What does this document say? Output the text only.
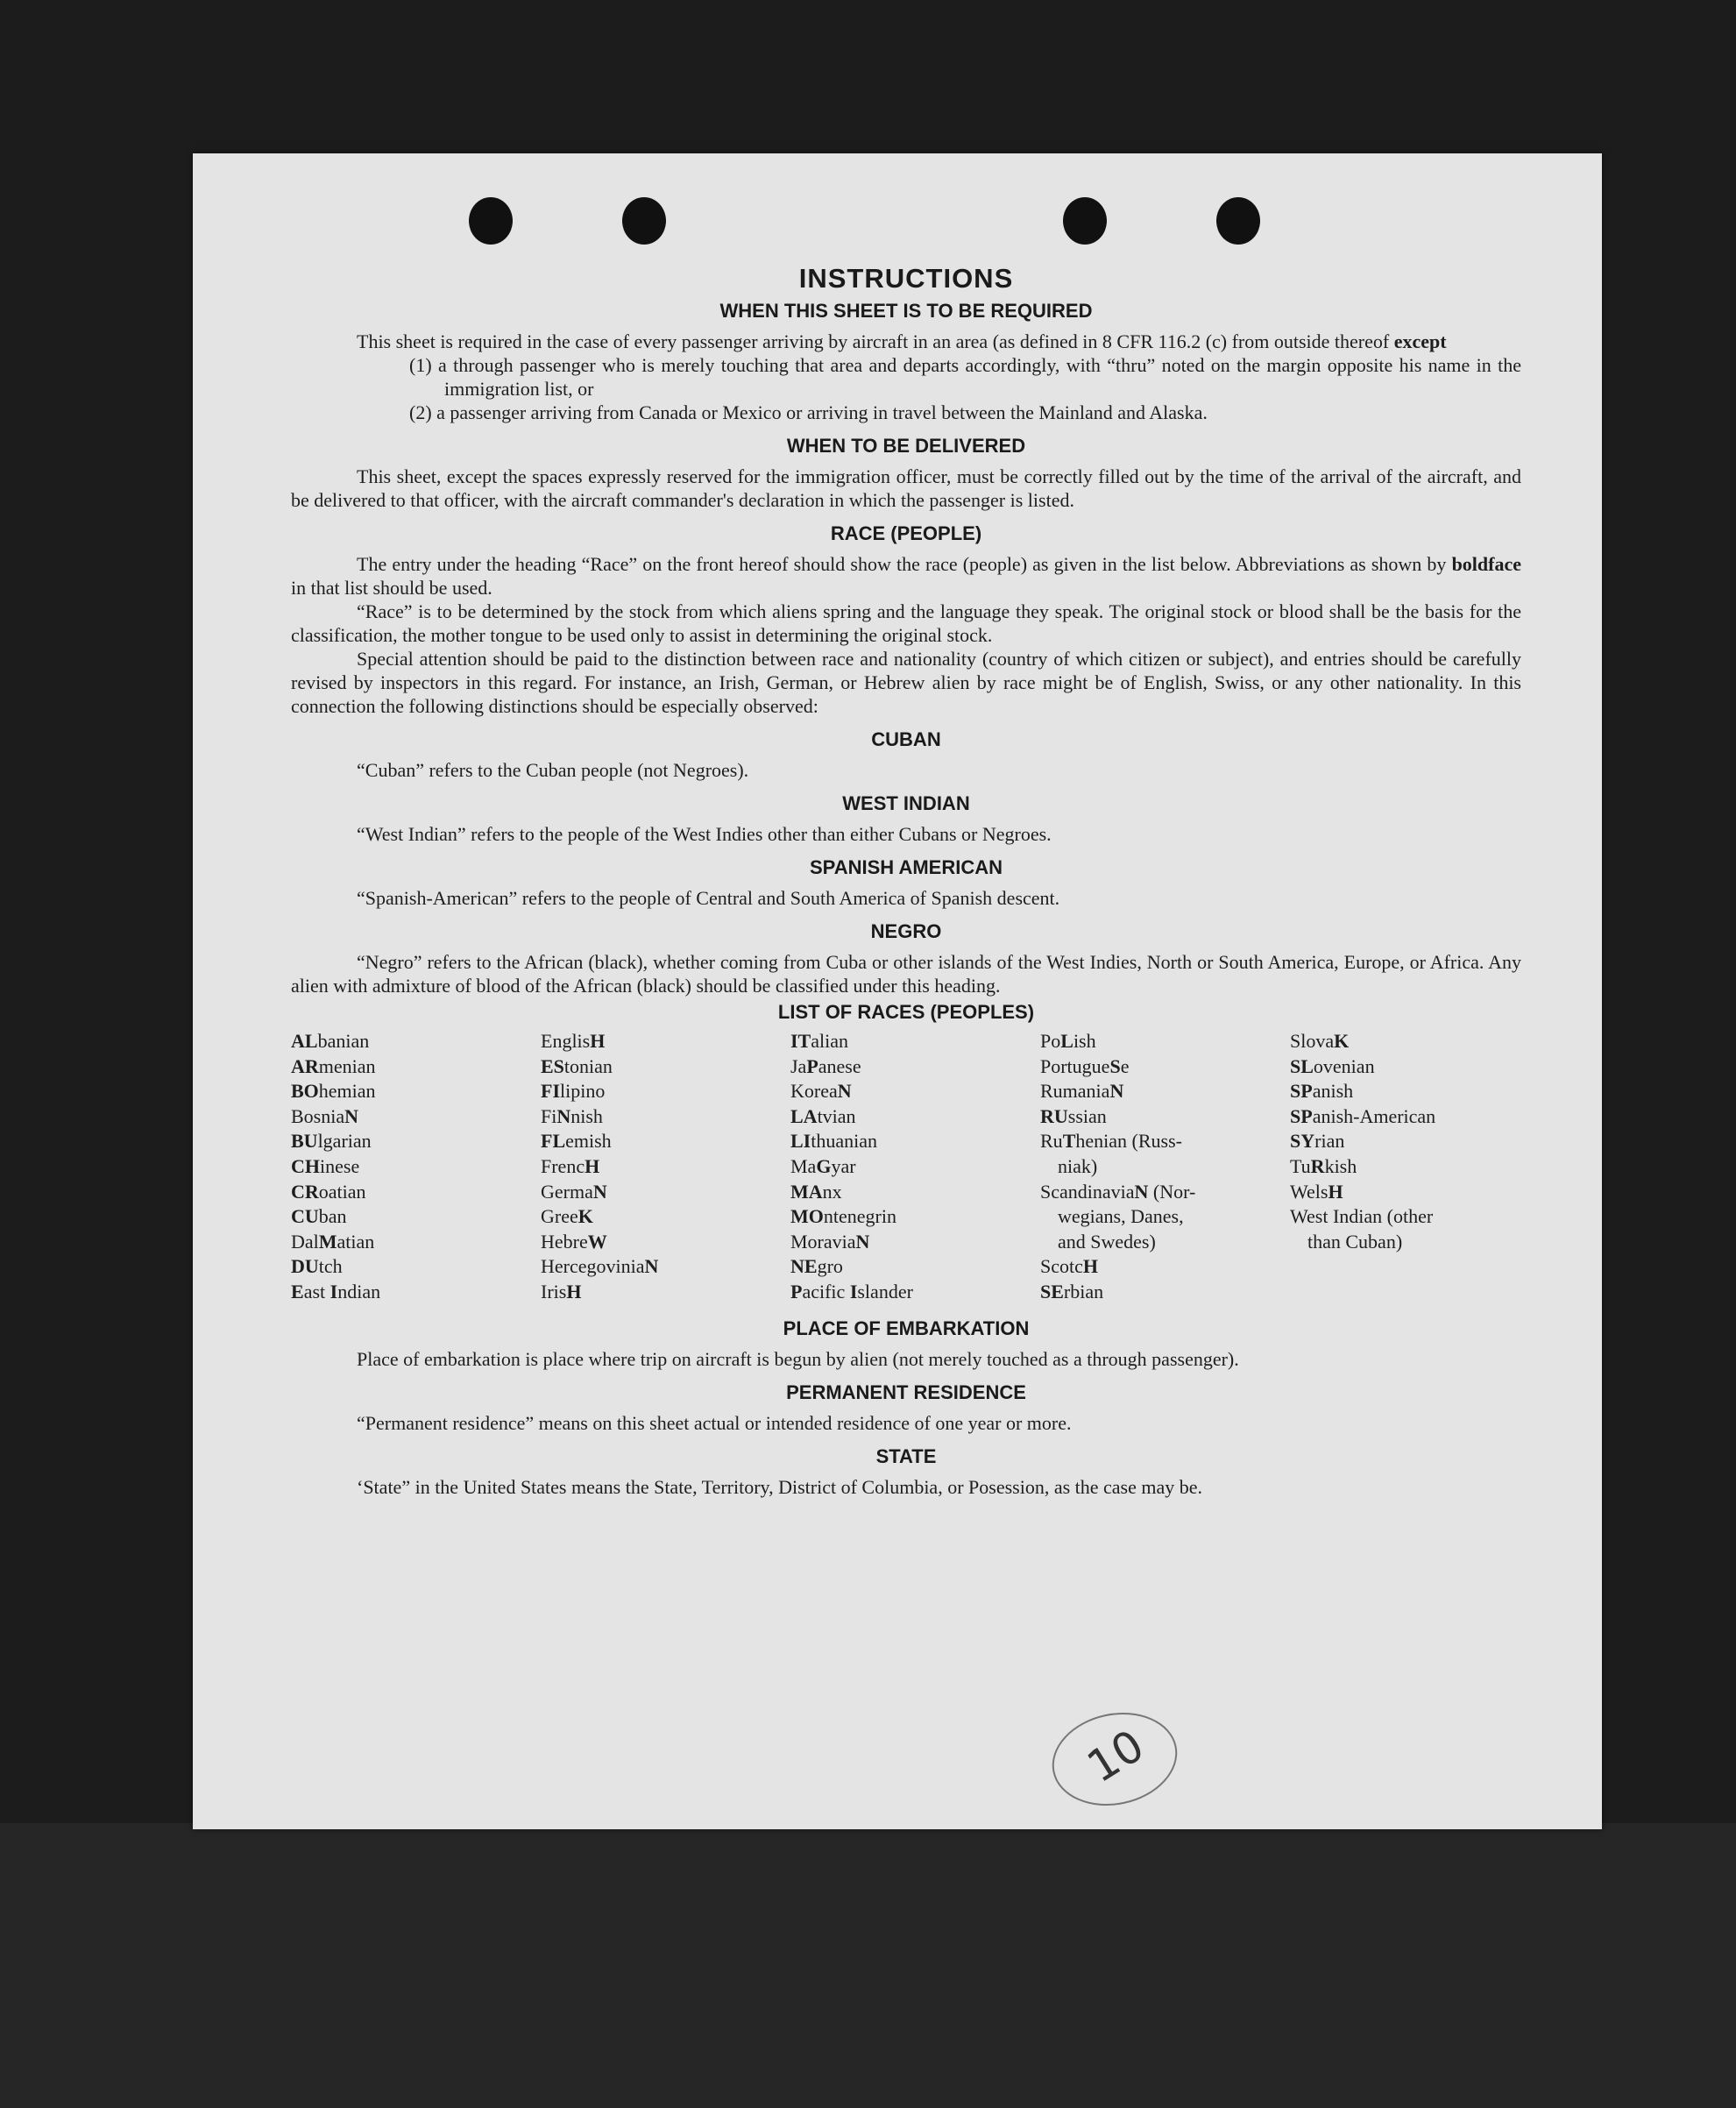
INSTRUCTIONS
WHEN THIS SHEET IS TO BE REQUIRED

This sheet is required in the case of every passenger arriving by aircraft in an area (as defined in 8 CFR 116.2 (c) from outside thereof except

(1) a through passenger who is merely touching that area and departs accordingly, with “thru” noted on the margin opposite his name in the immigration list, or

(2) a passenger arriving from Canada or Mexico or arriving in travel between the Mainland and Alaska.

WHEN TO BE DELIVERED

This sheet, except the spaces expressly reserved for the immigration officer, must be correctly filled out by the time of the arrival of the aircraft, and be delivered to that officer, with the aircraft commander's declaration in which the passenger is listed.

RACE (PEOPLE)

The entry under the heading “Race” on the front hereof should show the race (people) as given in the list below. Abbreviations as shown by boldface in that list should be used.

“Race” is to be determined by the stock from which aliens spring and the language they speak. The original stock or blood shall be the basis for the classification, the mother tongue to be used only to assist in determining the original stock.

Special attention should be paid to the distinction between race and nationality (country of which citizen or subject), and entries should be carefully revised by inspectors in this regard. For instance, an Irish, German, or Hebrew alien by race might be of English, Swiss, or any other nationality. In this connection the following distinctions should be especially observed:

CUBAN

“Cuban” refers to the Cuban people (not Negroes).

WEST INDIAN

“West Indian” refers to the people of the West Indies other than either Cubans or Negroes.

SPANISH AMERICAN

“Spanish-American” refers to the people of Central and South America of Spanish descent.

NEGRO

“Negro” refers to the African (black), whether coming from Cuba or other islands of the West Indies, North or South America, Europe, or Africa. Any alien with admixture of blood of the African (black) should be classified under this heading.

LIST OF RACES (PEOPLES)
ALbanian
ARmenian
BOhemian
BosniaN
BUlgarian
CHinese
CRoatian
CUban
DalMatian
DUtch
East Indian
EnglisH
EStonian
FIlipino
FiNnish
FLemish
FrencH
GermaN
GreeK
HebreW
HercegoviniaN
IrisH
ITalian
JaPanese
KoreaN
LAtvian
LIthuanian
MaGyar
MAnx
MOntenegrin
MoraviaN
NEgro
Pacific Islander
PoLish
PortugueSe
RumaniaN
RUssian
RuThenian (Russ-
niak)
ScandinaviaN (Nor-
wegians, Danes,
and Swedes)
ScotcH
SErbian
SlovaK
SLovenian
SPanish
SPanish-American
SYrian
TuRkish
WelsH
West Indian (other
than Cuban)
PLACE OF EMBARKATION

Place of embarkation is place where trip on aircraft is begun by alien (not merely touched as a through passenger).

PERMANENT RESIDENCE

“Permanent residence” means on this sheet actual or intended residence of one year or more.

STATE

‘State” in the United States means the State, Territory, District of Columbia, or Posession, as the case may be.

10
